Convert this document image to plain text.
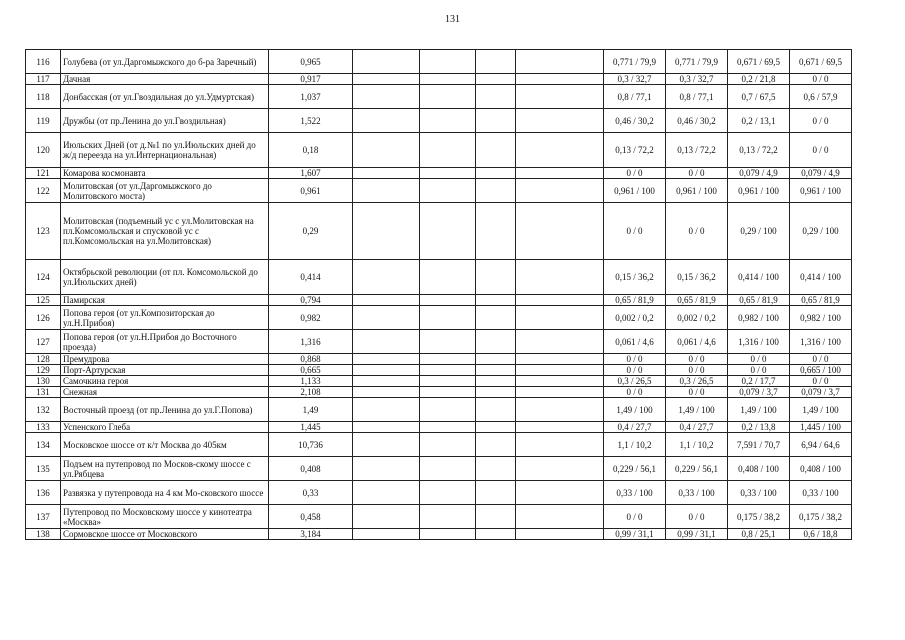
131
116	Голубева (от ул.Даргомыжского до б-ра Заречный)	0,965					0,771 / 79,9	0,771 / 79,9	0,671 / 69,5	0,671 / 69,5
117	Дачная	0,917					0,3 / 32,7	0,3 / 32,7	0,2 / 21,8	0 / 0
118	Донбасская (от ул.Гвоздильная до ул.Удмуртская)	1,037					0,8 / 77,1	0,8 / 77,1	0,7 / 67,5	0,6 / 57,9
119	Дружбы (от пр.Ленина до ул.Гвоздильная)	1,522					0,46 / 30,2	0,46 / 30,2	0,2 / 13,1	0 / 0
120	Июльских Дней (от д.№1 по ул.Июльских дней до ж/д переезда на ул.Интернациональная)	0,18					0,13 / 72,2	0,13 / 72,2	0,13 / 72,2	0 / 0
121	Комарова космонавта	1,607					0 / 0	0 / 0	0,079 / 4,9	0,079 / 4,9
122	Молитовская (от ул.Даргомыжского до Молитовского моста)	0,961					0,961 / 100	0,961 / 100	0,961 / 100	0,961 / 100
123	Молитовская (подъемный ус с ул.Молитовская на пл.Комсомольская и спусковой ус с пл.Комсомольская на ул.Молитовская)	0,29					0 / 0	0 / 0	0,29 / 100	0,29 / 100
124	Октябрьской революции (от пл. Комсомольской до ул.Июльских дней)	0,414					0,15 / 36,2	0,15 / 36,2	0,414 / 100	0,414 / 100
125	Памирская	0,794					0,65 / 81,9	0,65 / 81,9	0,65 / 81,9	0,65 / 81,9
126	Попова героя (от ул.Композиторская до ул.Н.Прибоя)	0,982					0,002 / 0,2	0,002 / 0,2	0,982 / 100	0,982 / 100
127	Попова героя (от ул.Н.Прибоя до Восточного проезда)	1,316					0,061 / 4,6	0,061 / 4,6	1,316 / 100	1,316 / 100
128	Премудрова	0,868					0 / 0	0 / 0	0 / 0	0 / 0
129	Порт-Артурская	0,665					0 / 0	0 / 0	0 / 0	0,665 / 100
130	Самочкина героя	1,133					0,3 / 26,5	0,3 / 26,5	0,2 / 17,7	0 / 0
131	Снежная	2,108					0 / 0	0 / 0	0,079 / 3,7	0,079 / 3,7
132	Восточный проезд (от пр.Ленина до ул.Г.Попова)	1,49					1,49 / 100	1,49 / 100	1,49 / 100	1,49 / 100
133	Успенского Глеба	1,445					0,4 / 27,7	0,4 / 27,7	0,2 / 13,8	1,445 / 100
134	Московское шоссе от к/т Москва до 405км	10,736					1,1 / 10,2	1,1 / 10,2	7,591 / 70,7	6,94 / 64,6
135	Подъем на путепровод по Москов-скому шоссе с ул.Рябцева	0,408					0,229 / 56,1	0,229 / 56,1	0,408 / 100	0,408 / 100
136	Развязка у путепровода на 4 км Мо-сковского шоссе	0,33					0,33 / 100	0,33 / 100	0,33 / 100	0,33 / 100
137	Путепровод по Московскому шоссе у кинотеатра «Москва»	0,458					0 / 0	0 / 0	0,175 / 38,2	0,175 / 38,2
138	Сормовское шоссе от Московского	3,184					0,99 / 31,1	0,99 / 31,1	0,8 / 25,1	0,6 / 18,8
